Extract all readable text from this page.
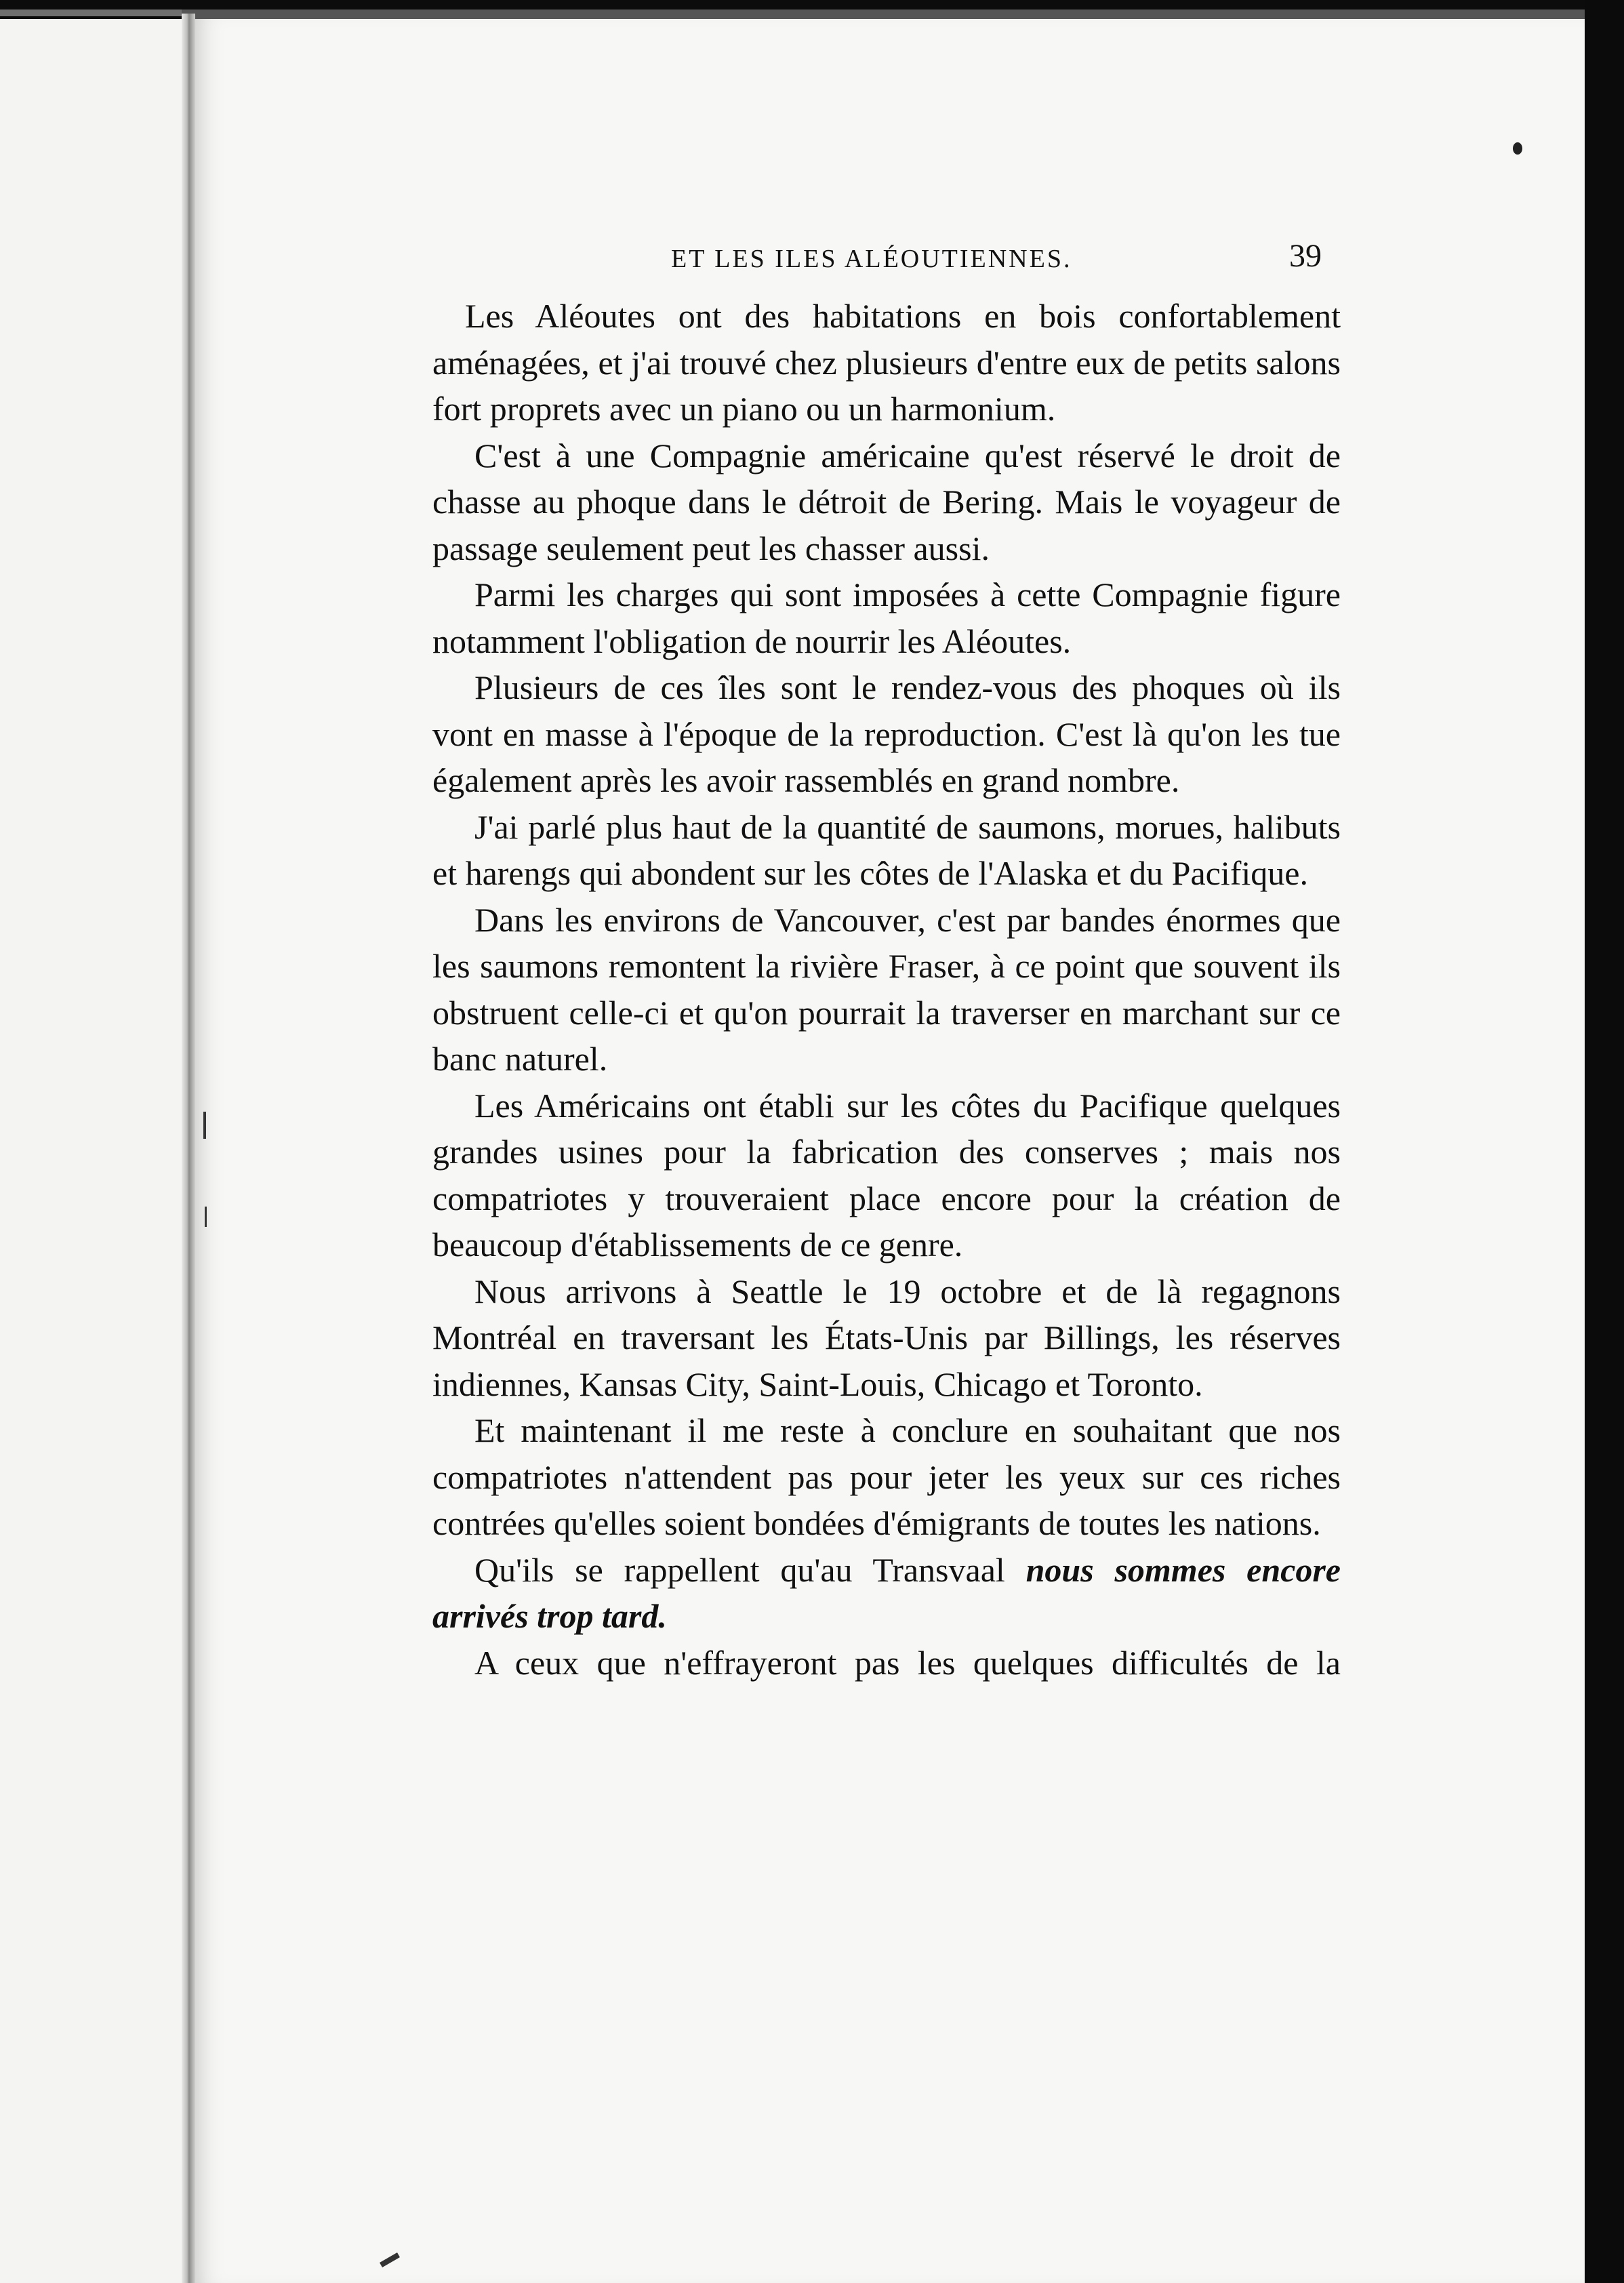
ET LES ILES ALÉOUTIENNES.	39

Les Aléoutes ont des habitations en bois confortablement aménagées, et j'ai trouvé chez plusieurs d'entre eux de petits salons fort proprets avec un piano ou un harmonium.

C'est à une Compagnie américaine qu'est réservé le droit de chasse au phoque dans le détroit de Bering. Mais le voyageur de passage seulement peut les chasser aussi.

Parmi les charges qui sont imposées à cette Compagnie figure notamment l'obligation de nourrir les Aléoutes.

Plusieurs de ces îles sont le rendez-vous des phoques où ils vont en masse à l'époque de la reproduction. C'est là qu'on les tue également après les avoir rassemblés en grand nombre.

J'ai parlé plus haut de la quantité de saumons, morues, halibuts et harengs qui abondent sur les côtes de l'Alaska et du Pacifique.

Dans les environs de Vancouver, c'est par bandes énormes que les saumons remontent la rivière Fraser, à ce point que souvent ils obstruent celle-ci et qu'on pourrait la traverser en marchant sur ce banc naturel.

Les Américains ont établi sur les côtes du Pacifique quelques grandes usines pour la fabrication des conserves ; mais nos compatriotes y trouveraient place encore pour la création de beaucoup d'établissements de ce genre.

Nous arrivons à Seattle le 19 octobre et de là regagnons Montréal en traversant les États-Unis par Billings, les réserves indiennes, Kansas City, Saint-Louis, Chicago et Toronto.

Et maintenant il me reste à conclure en souhaitant que nos compatriotes n'attendent pas pour jeter les yeux sur ces riches contrées qu'elles soient bondées d'émigrants de toutes les nations.

Qu'ils se rappellent qu'au Transvaal nous sommes encore arrivés trop tard.

A ceux que n'effrayeront pas les quelques difficultés de la
